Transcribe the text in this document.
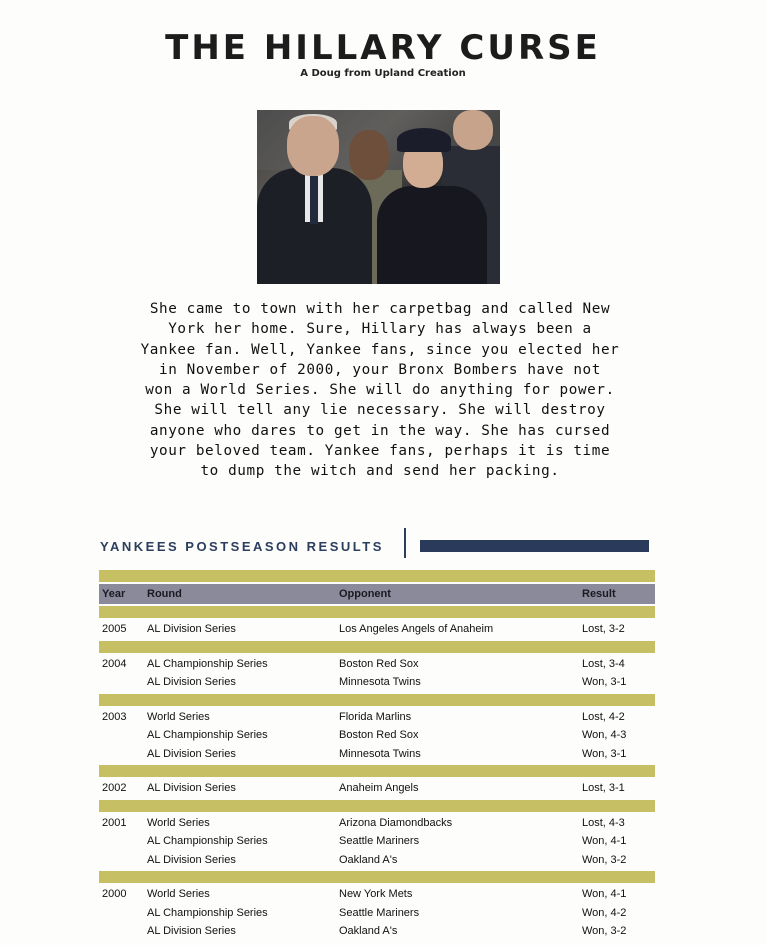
THE HILLARY CURSE
A Doug from Upland Creation
She came to town with her carpetbag and called New
York her home. Sure, Hillary has always been a
Yankee fan. Well, Yankee fans, since you elected her
in November of 2000, your Bronx Bombers have not
won a World Series. She will do anything for power.
She will tell any lie necessary. She will destroy
anyone who dares to get in the way. She has cursed
your beloved team. Yankee fans, perhaps it is time
to dump the witch and send her packing.
YANKEES POSTSEASON RESULTS
Year Round	Opponent	Result
2005 AL Division Series	Los Angeles Angels of Anaheim	Lost, 3-2
2004 AL Championship Series	Boston Red Sox	Lost, 3-4
AL Division Series	Minnesota Twins	Won, 3-1
2003 World Series	Florida Marlins	Lost, 4-2
AL Championship Series	Boston Red Sox	Won, 4-3
AL Division Series	Minnesota Twins	Won, 3-1
2002 AL Division Series	Anaheim Angels	Lost, 3-1
2001 World Series	Arizona Diamondbacks	Lost, 4-3
AL Championship Series	Seattle Mariners	Won, 4-1
AL Division Series	Oakland A's	Won, 3-2
2000 World Series	New York Mets	Won, 4-1
AL Championship Series	Seattle Mariners	Won, 4-2
AL Division Series	Oakland A's	Won, 3-2
